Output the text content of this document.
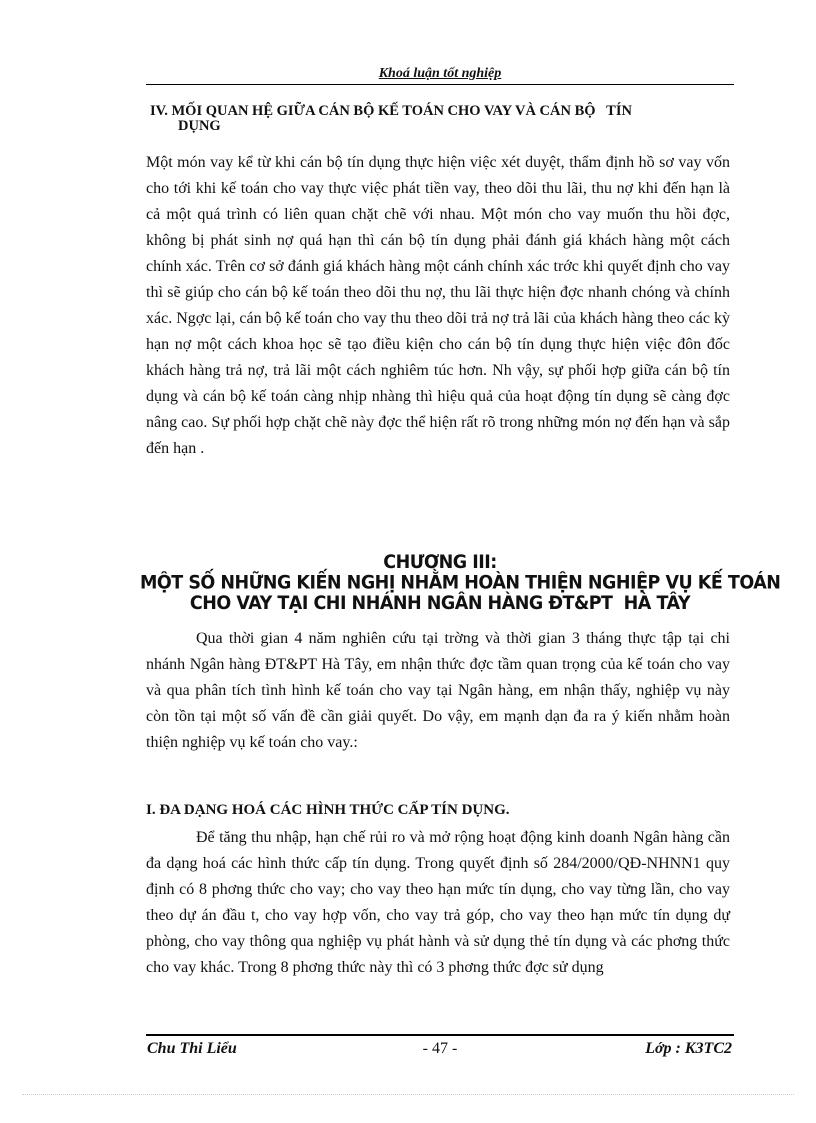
Khoá luận tốt nghiệp
IV. MỐI QUAN HỆ GIỮA CÁN BỘ KẾ TOÁN CHO VAY VÀ CÁN BỘ   TÍN
DỤNG

Một món vay kể từ khi cán bộ tín dụng thực hiện việc xét duyệt, thẩm định hồ sơ vay vốn cho tới khi kế toán cho vay thực việc phát tiền vay, theo dõi thu lãi, thu nợ khi đến hạn là cả một quá trình có liên quan chặt chẽ với nhau. Một món cho vay muốn thu hồi đợc, không bị phát sinh nợ quá hạn thì cán bộ tín dụng phải đánh giá khách hàng một cách chính xác. Trên cơ sở đánh giá khách hàng một cánh chính xác trớc khi quyết định cho vay thì sẽ giúp cho cán bộ kế toán theo dõi thu nợ, thu lãi thực hiện đợc nhanh chóng và chính xác. Ngợc lại, cán bộ kế toán cho vay thu theo dõi trả nợ trả lãi của khách hàng theo các kỳ hạn nợ một cách khoa học sẽ tạo điều kiện cho cán bộ tín dụng thực hiện việc đôn đốc khách hàng trả nợ, trả lãi một cách nghiêm túc hơn. Nh vậy, sự phối hợp giữa cán bộ tín dụng và cán bộ kế toán càng nhịp nhàng thì hiệu quả của hoạt động tín dụng sẽ càng đợc nâng cao. Sự phối hợp chặt chẽ này đợc thể hiện rất rõ trong những món nợ đến hạn và sắp đến hạn .

CHƯƠNG III:
MỘT SỐ NHỮNG KIẾN NGHỊ NHẰM HOÀN THIỆN NGHIỆP VỤ KẾ TOÁN
CHO VAY TẠI CHI NHÁNH NGÂN HÀNG ĐT&PT  HÀ TÂY

Qua thời gian 4 năm nghiên cứu tại trờng và thời gian 3 tháng thực tập tại chi nhánh Ngân hàng ĐT&PT Hà Tây, em nhận thức đợc tầm quan trọng của kế toán cho vay và qua phân tích tình hình kế toán cho vay tại Ngân hàng, em nhận thấy, nghiệp vụ này còn tồn tại một số vấn đề cần giải quyết. Do vậy, em mạnh dạn đa ra ý kiến nhằm hoàn thiện nghiệp vụ kế toán cho vay.:

I. ĐA DẠNG HOÁ CÁC HÌNH THỨC CẤP TÍN DỤNG.

Để tăng thu nhập, hạn chế rủi ro và mở rộng hoạt động kinh doanh Ngân hàng cần đa dạng hoá các hình thức cấp tín dụng. Trong quyết định số 284/2000/QĐ-NHNN1 quy định có 8 phơng thức cho vay; cho vay theo hạn mức tín dụng, cho vay từng lần, cho vay theo dự án đầu t, cho vay hợp vốn, cho vay trả góp, cho vay theo hạn mức tín dụng dự phòng, cho vay thông qua nghiệp vụ phát hành và sử dụng thẻ tín dụng và các phơng thức cho vay khác. Trong 8 phơng thức này thì có 3 phơng thức đợc sử dụng

Chu Thi Liểu	- 47 -	Lớp : K3TC2
